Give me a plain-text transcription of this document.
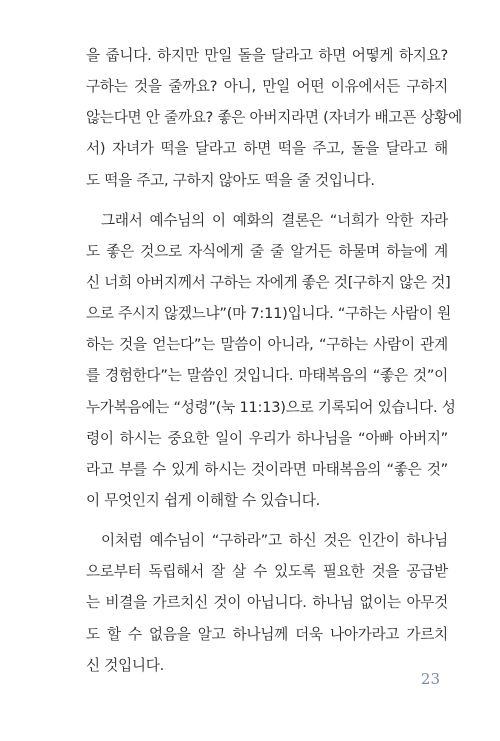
을 줍니다. 하지만 만일 돌을 달라고 하면 어떻게 하지요?
구하는 것을 줄까요? 아니, 만일 어떤 이유에서든 구하지
않는다면 안 줄까요? 좋은 아버지라면 (자녀가 배고픈 상황에
서) 자녀가 떡을 달라고 하면 떡을 주고, 돌을 달라고 해
도 떡을 주고, 구하지 않아도 떡을 줄 것입니다.
그래서 예수님의 이 예화의 결론은 “너희가 악한 자라
도 좋은 것으로 자식에게 줄 줄 알거든 하물며 하늘에 계
신 너희 아버지께서 구하는 자에게 좋은 것[구하지 않은 것]
으로 주시지 않겠느냐”(마 7:11)입니다. “구하는 사람이 원
하는 것을 얻는다”는 말씀이 아니라, “구하는 사람이 관계
를 경험한다”는 말씀인 것입니다. 마태복음의 “좋은 것”이
누가복음에는 “성령”(눅 11:13)으로 기록되어 있습니다. 성
령이 하시는 중요한 일이 우리가 하나님을 “아빠 아버지”
라고 부를 수 있게 하시는 것이라면 마태복음의 “좋은 것”
이 무엇인지 쉽게 이해할 수 있습니다.
이처럼 예수님이 “구하라”고 하신 것은 인간이 하나님
으로부터 독립해서 잘 살 수 있도록 필요한 것을 공급받
는 비결을 가르치신 것이 아닙니다. 하나님 없이는 아무것
도 할 수 없음을 알고 하나님께 더욱 나아가라고 가르치
신 것입니다.
23
